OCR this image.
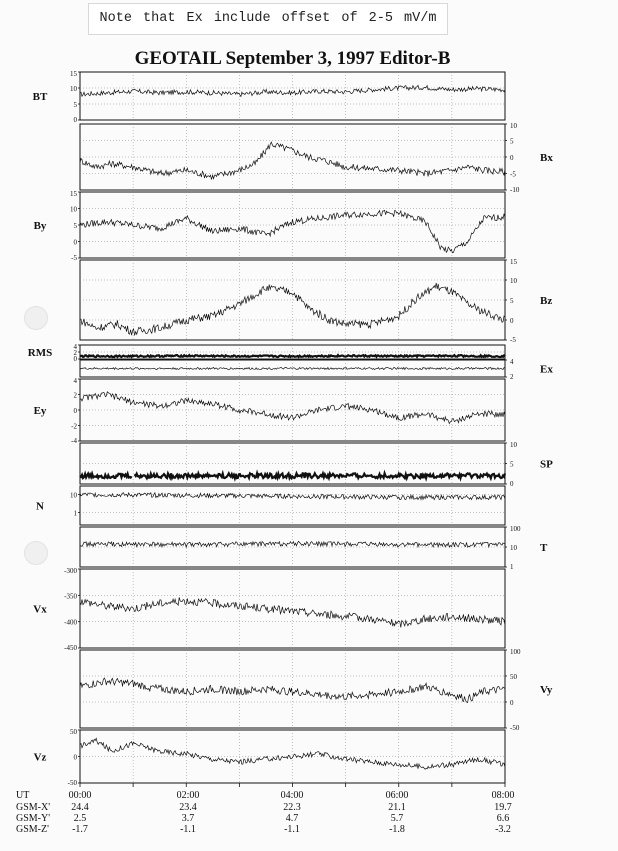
Note that Ex include offset of 2-5 mV/m
GEOTAIL September 3, 1997 Editor-B
15
10
5
0
BT
10
5
0
-5
-10
Bx
15
10
5
0
-5
By
15
10
5
0
-5
Bz
4
2
0
RMS
4
2
Ex
4
2
0
-2
-4
Ey
10
5
0
SP
10
1
N
100
10
1
T
-300
-350
-400
-450
Vx
100
50
0
-50
Vy
50
0
-50
Vz
UT	00:00	02:00	04:00	06:00	08:00
GSM-X'	24.4	23.4	22.3	21.1	19.7
GSM-Y'	2.5	3.7	4.7	5.7	6.6
GSM-Z'	-1.7	-1.1	-1.1	-1.8	-3.2
